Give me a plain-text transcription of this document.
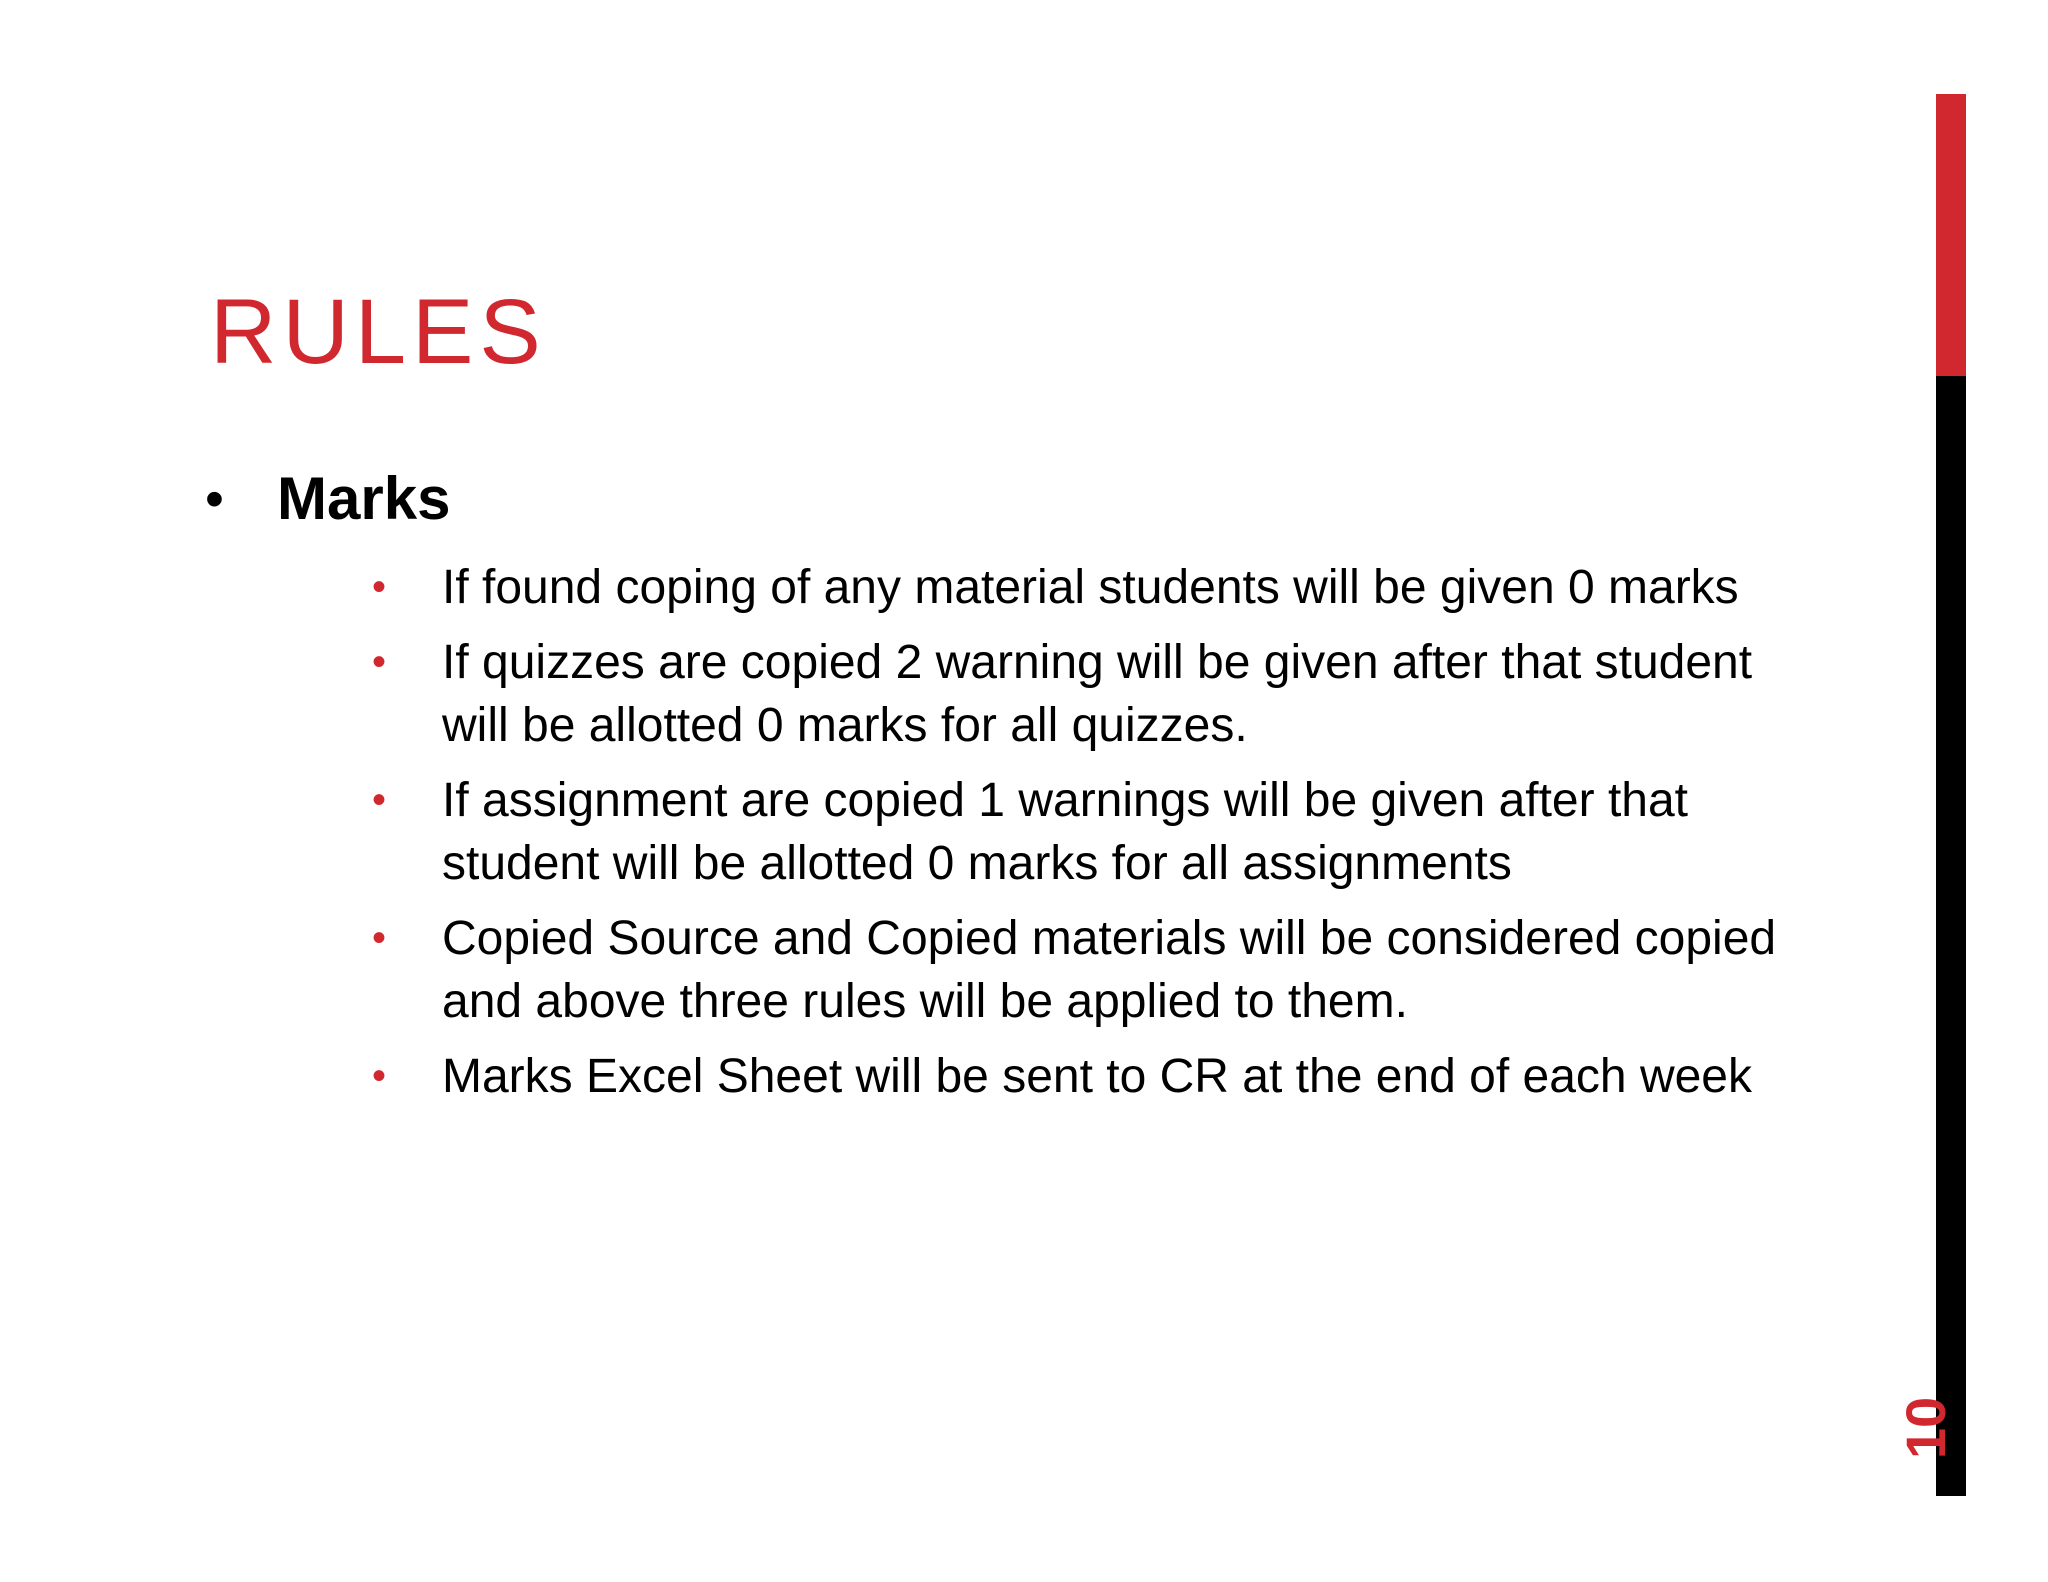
RULES
• Marks
• If found coping of any material students will be given 0 marks
• If quizzes are copied 2 warning will be given after that student will be allotted 0 marks for all quizzes.
• If assignment are copied 1 warnings will be given after that student will be allotted 0 marks for all assignments
• Copied Source and Copied materials will be considered copied and above three rules will be applied to them.
• Marks Excel Sheet will be sent to CR at the end of each week
10
